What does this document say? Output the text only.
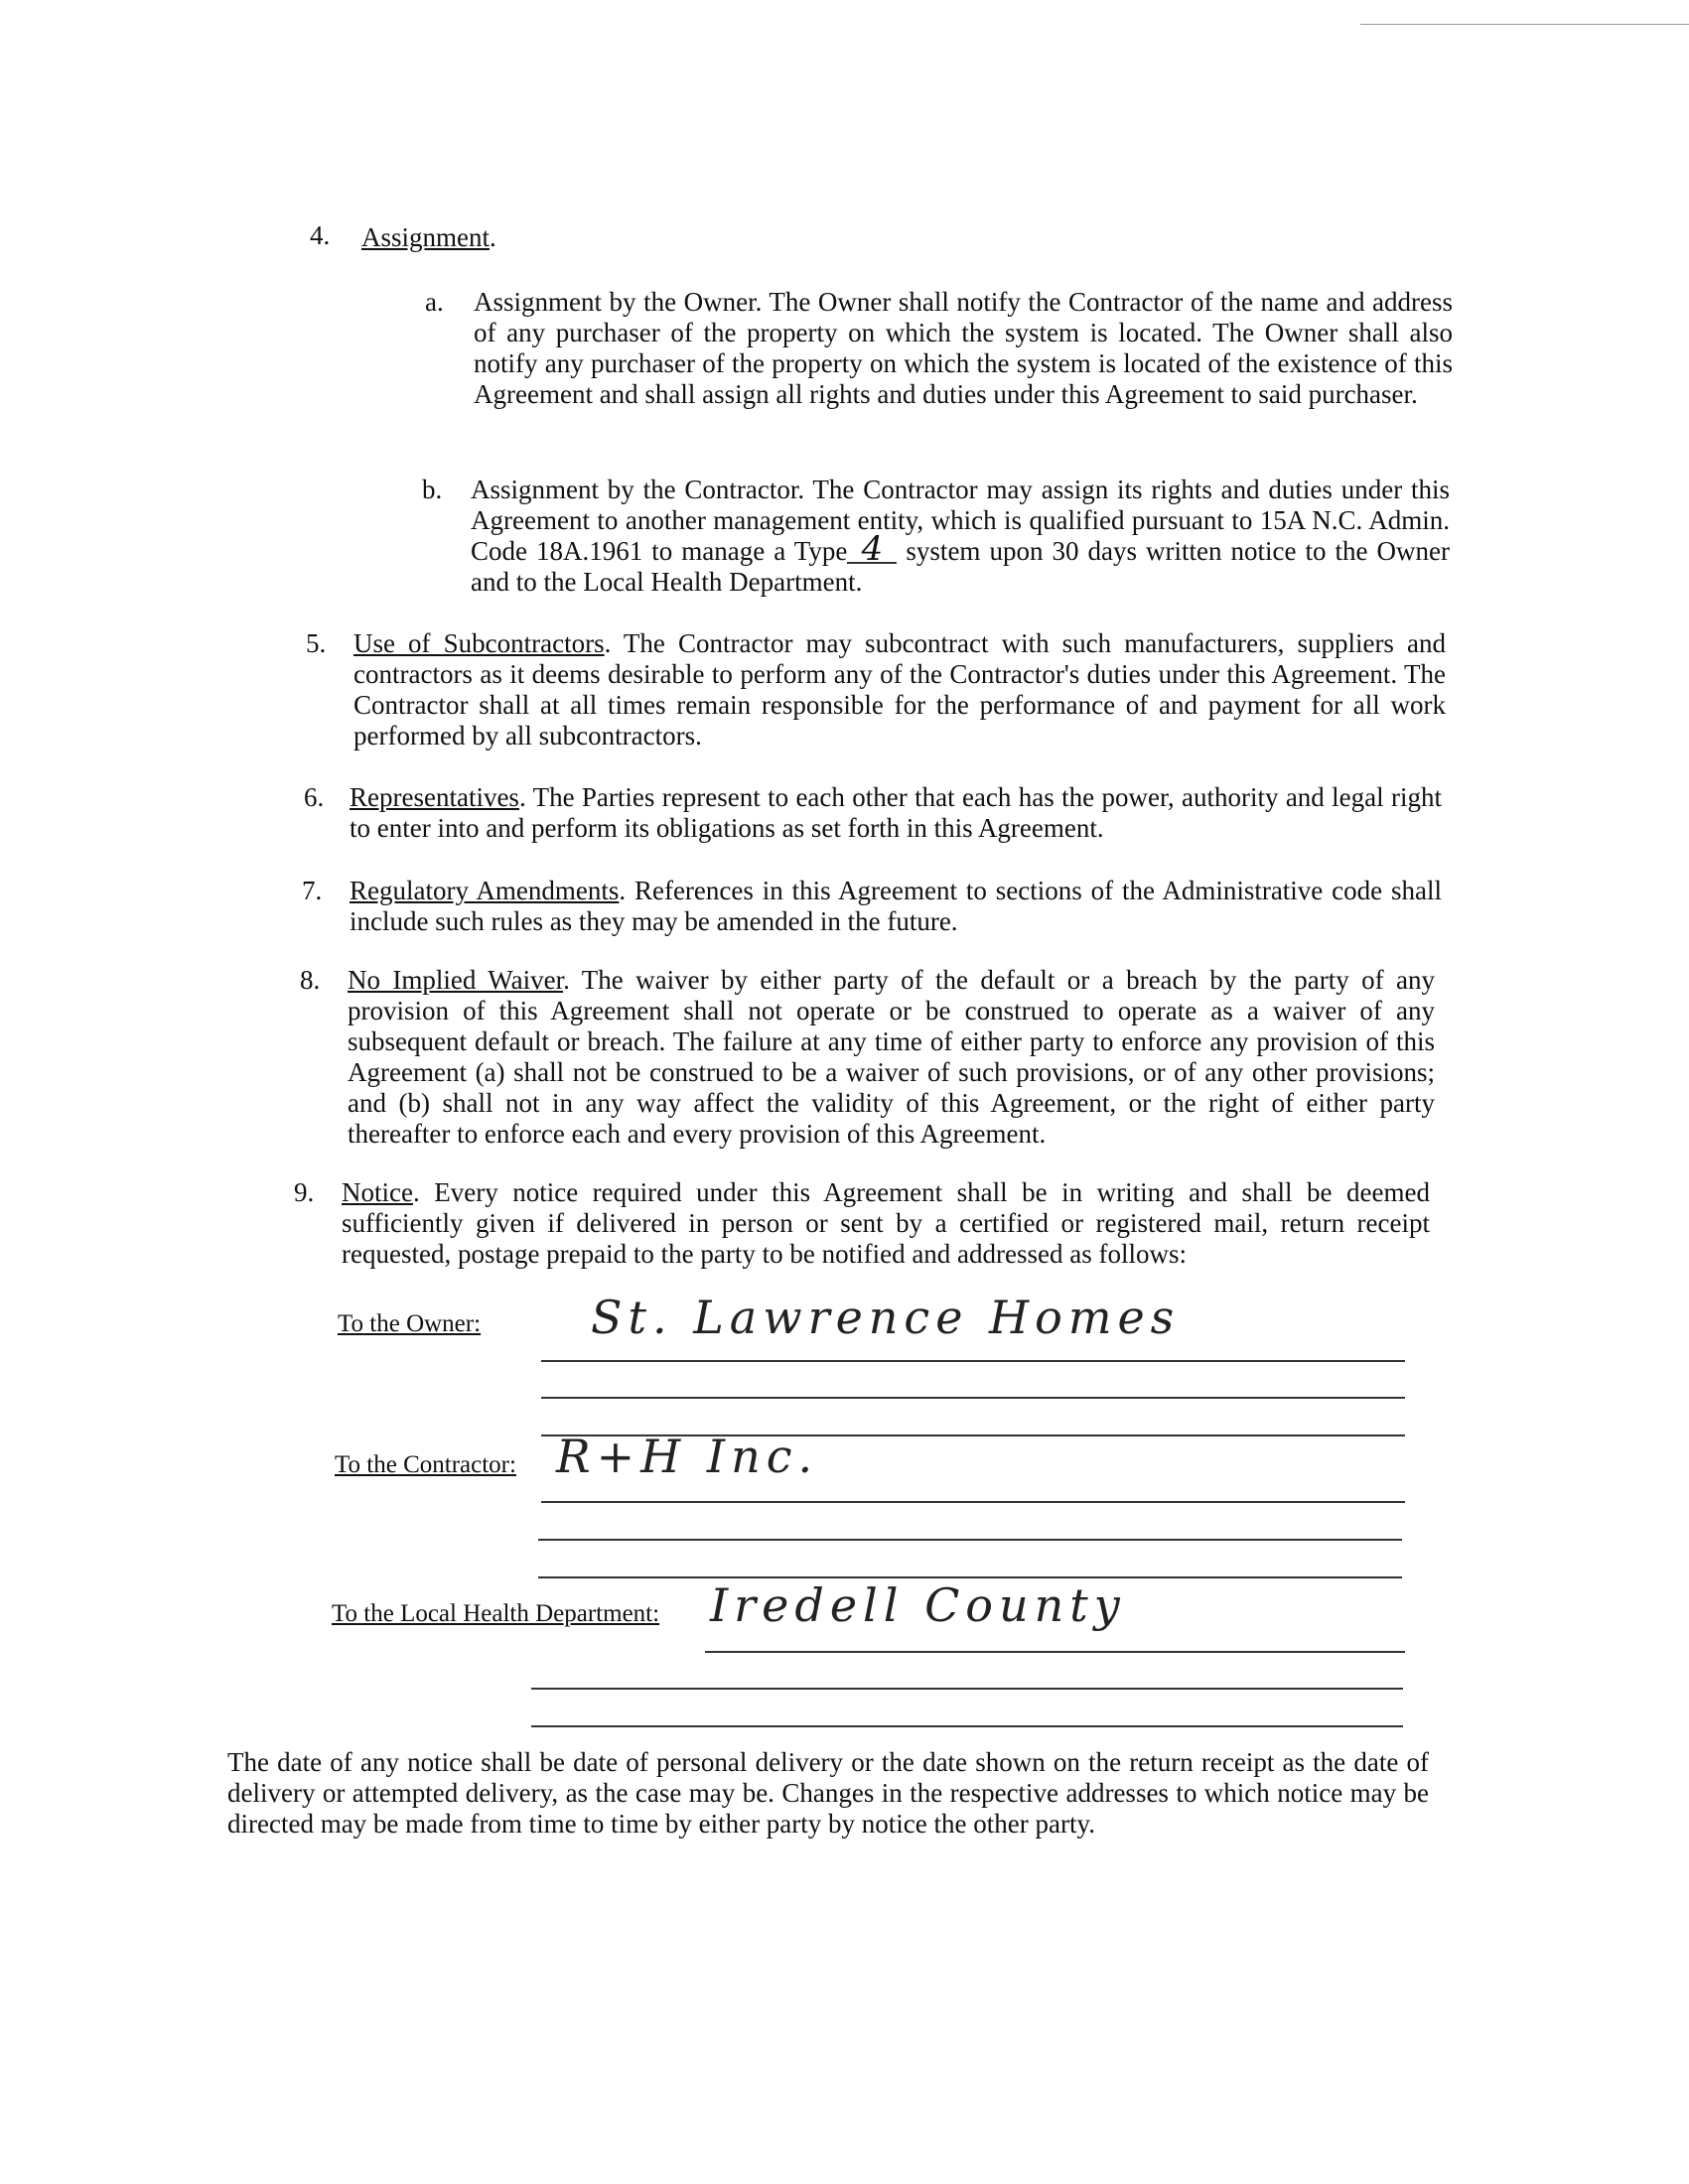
4. Assignment.
a. Assignment by the Owner. The Owner shall notify the Contractor of the name and address of any purchaser of the property on which the system is located. The Owner shall also notify any purchaser of the property on which the system is located of the existence of this Agreement and shall assign all rights and duties under this Agreement to said purchaser.
b. Assignment by the Contractor. The Contractor may assign its rights and duties under this Agreement to another management entity, which is qualified pursuant to 15A N.C. Admin. Code 18A.1961 to manage a Type 4 system upon 30 days written notice to the Owner and to the Local Health Department.
5. Use of Subcontractors. The Contractor may subcontract with such manufacturers, suppliers and contractors as it deems desirable to perform any of the Contractor's duties under this Agreement. The Contractor shall at all times remain responsible for the performance of and payment for all work performed by all subcontractors.
6. Representatives. The Parties represent to each other that each has the power, authority and legal right to enter into and perform its obligations as set forth in this Agreement.
7. Regulatory Amendments. References in this Agreement to sections of the Administrative code shall include such rules as they may be amended in the future.
8. No Implied Waiver. The waiver by either party of the default or a breach by the party of any provision of this Agreement shall not operate or be construed to operate as a waiver of any subsequent default or breach. The failure at any time of either party to enforce any provision of this Agreement (a) shall not be construed to be a waiver of such provisions, or of any other provisions; and (b) shall not in any way affect the validity of this Agreement, or the right of either party thereafter to enforce each and every provision of this Agreement.
9. Notice. Every notice required under this Agreement shall be in writing and shall be deemed sufficiently given if delivered in person or sent by a certified or registered mail, return receipt requested, postage prepaid to the party to be notified and addressed as follows:
To the Owner: St. Lawrence Homes
To the Contractor: R+H Inc.
To the Local Health Department: Iredell County
The date of any notice shall be date of personal delivery or the date shown on the return receipt as the date of delivery or attempted delivery, as the case may be. Changes in the respective addresses to which notice may be directed may be made from time to time by either party by notice the other party.
